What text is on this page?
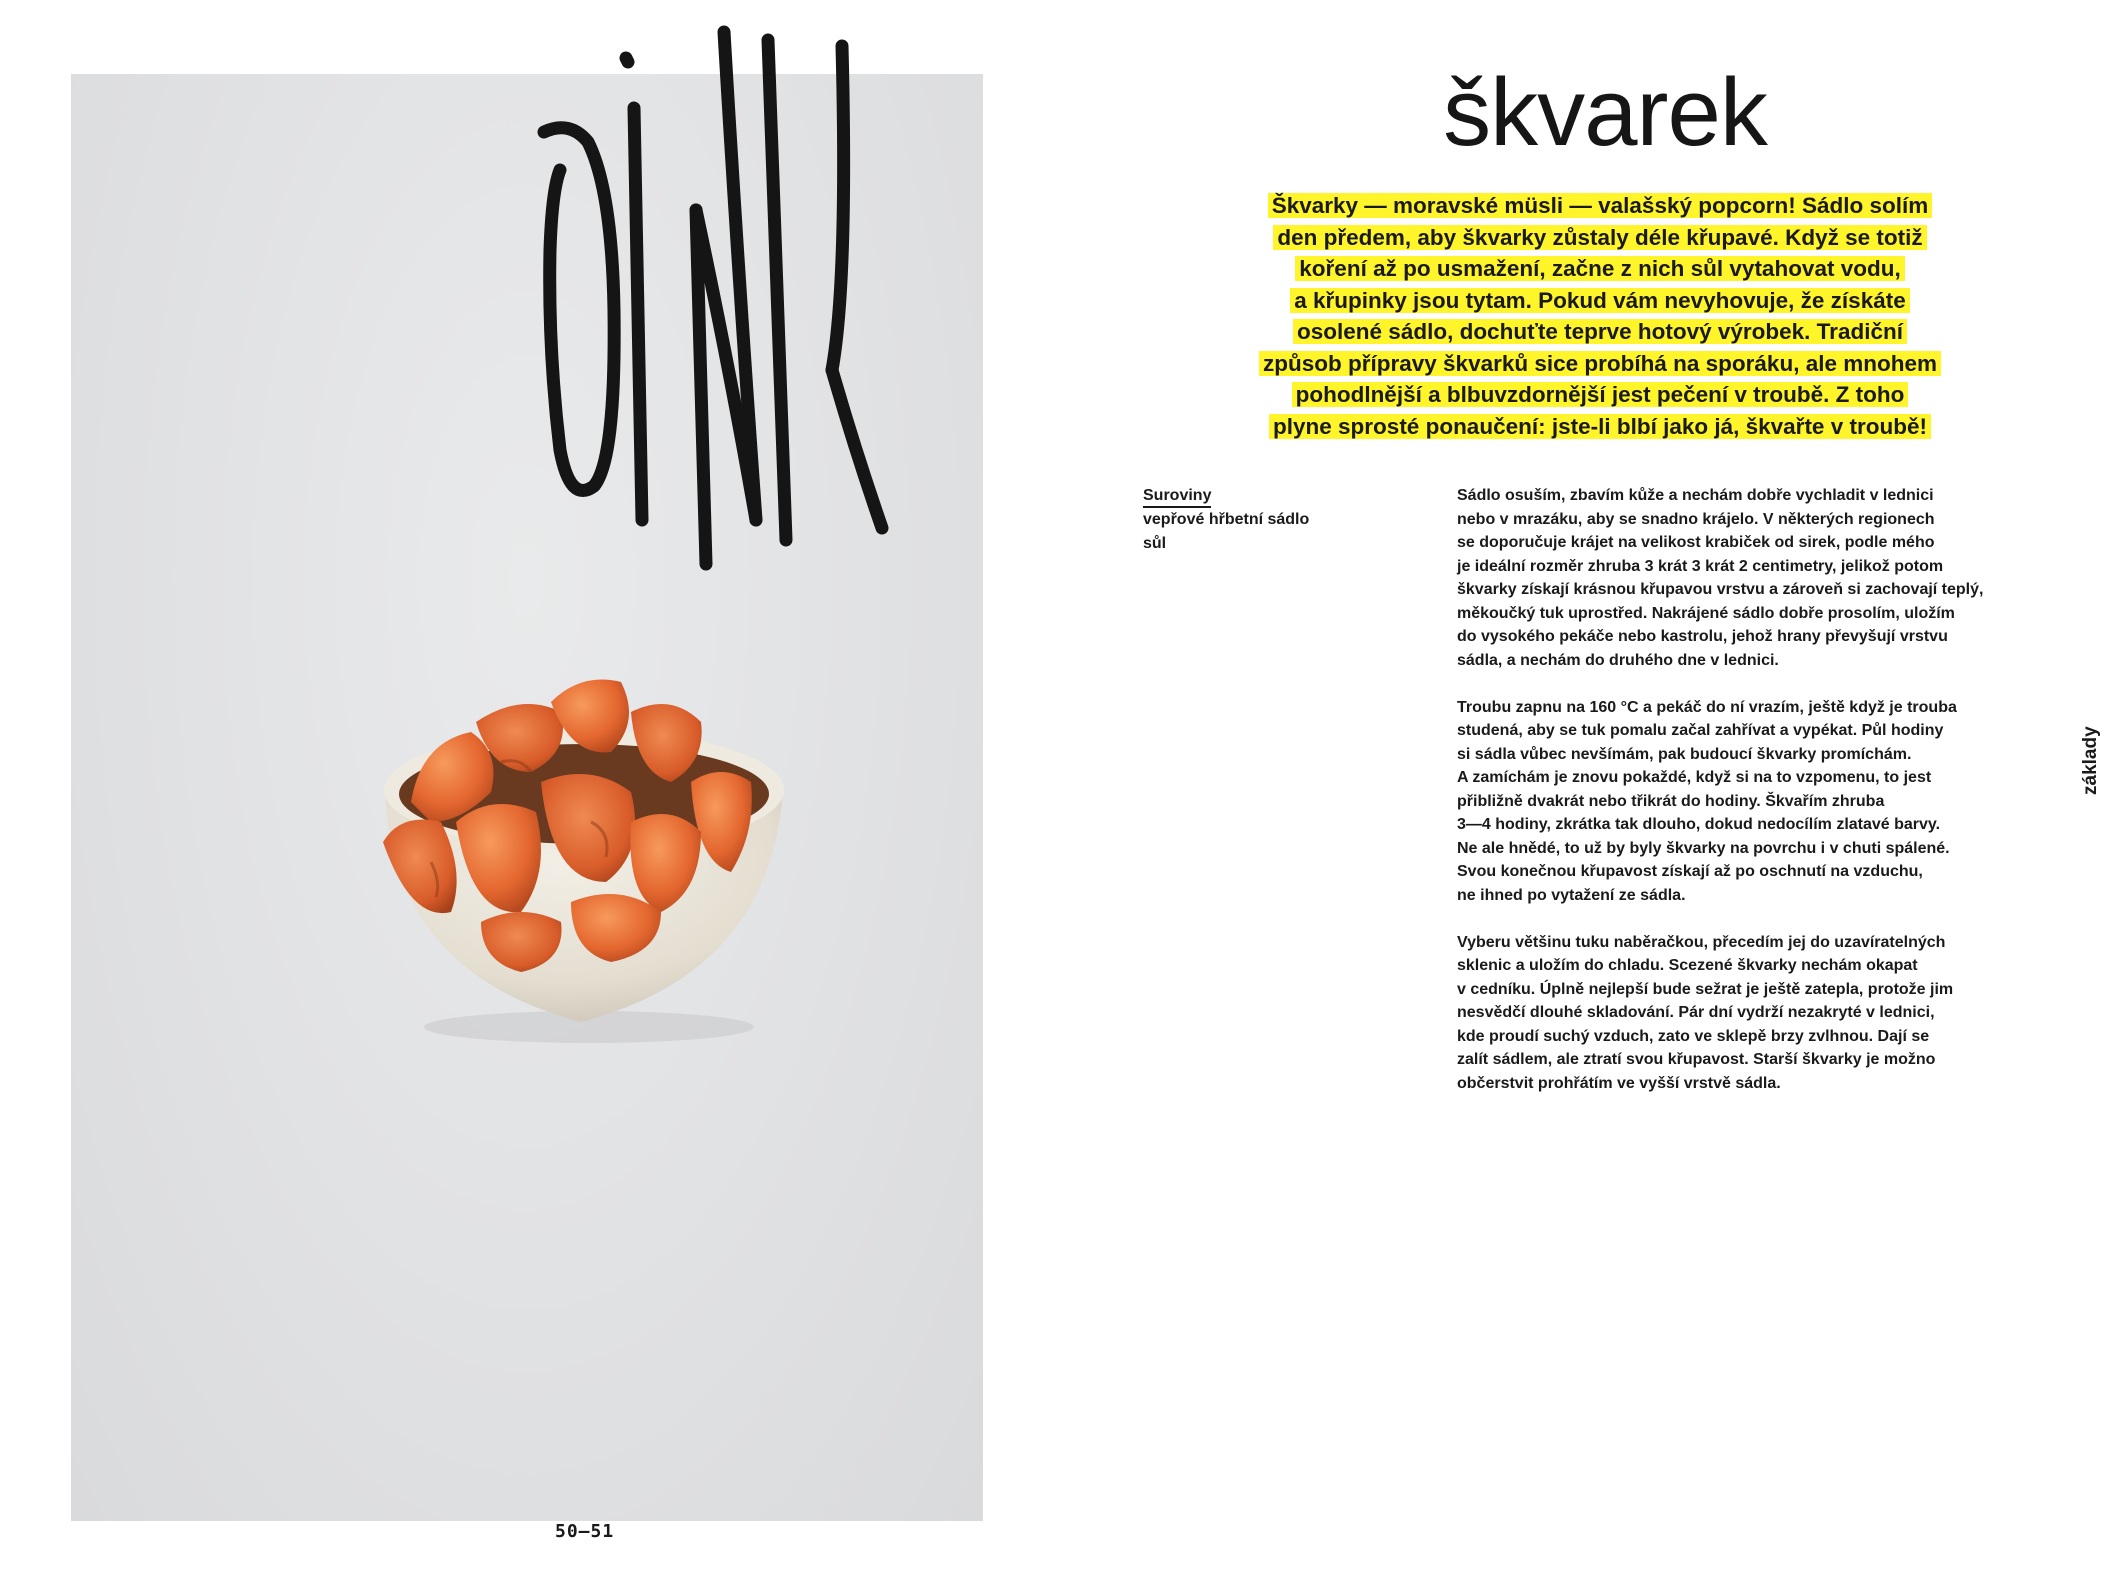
50—51
škvarek

Škvarky — moravské müsli — valašský popcorn! Sádlo solím
den předem, aby škvarky zůstaly déle křupavé. Když se totiž
koření až po usmažení, začne z nich sůl vytahovat vodu,
a křupinky jsou tytam. Pokud vám nevyhovuje, že získáte
osolené sádlo, dochuťte teprve hotový výrobek. Tradiční
způsob přípravy škvarků sice probíhá na sporáku, ale mnohem
pohodlnější a blbuvzdornější jest pečení v troubě. Z toho
plyne sprosté ponaučení: jste-li blbí jako já, škvařte v troubě!

Suroviny
vepřové hřbetní sádlo
sůl

Sádlo osuším, zbavím kůže a nechám dobře vychladit v lednici
nebo v mrazáku, aby se snadno krájelo. V některých regionech
se doporučuje krájet na velikost krabiček od sirek, podle mého
je ideální rozměr zhruba 3 krát 3 krát 2 centimetry, jelikož potom
škvarky získají krásnou křupavou vrstvu a zároveň si zachovají teplý,
měkoučký tuk uprostřed. Nakrájené sádlo dobře prosolím, uložím
do vysokého pekáče nebo kastrolu, jehož hrany převyšují vrstvu
sádla, a nechám do druhého dne v lednici.

Troubu zapnu na 160 °C a pekáč do ní vrazím, ještě když je trouba
studená, aby se tuk pomalu začal zahřívat a vypékat. Půl hodiny
si sádla vůbec nevšímám, pak budoucí škvarky promíchám.
A zamíchám je znovu pokaždé, když si na to vzpomenu, to jest
přibližně dvakrát nebo třikrát do hodiny. Škvařím zhruba
3—4 hodiny, zkrátka tak dlouho, dokud nedocílím zlatavé barvy.
Ne ale hnědé, to už by byly škvarky na povrchu i v chuti spálené.
Svou konečnou křupavost získají až po oschnutí na vzduchu,
ne ihned po vytažení ze sádla.

Vyberu většinu tuku naběračkou, přecedím jej do uzavíratelných
sklenic a uložím do chladu. Scezené škvarky nechám okapat
v cedníku. Úplně nejlepší bude sežrat je ještě zatepla, protože jim
nesvědčí dlouhé skladování. Pár dní vydrží nezakryté v lednici,
kde proudí suchý vzduch, zato ve sklepě brzy zvlhnou. Dají se
zalít sádlem, ale ztratí svou křupavost. Starší škvarky je možno
občerstvit prohřátím ve vyšší vrstvě sádla.

základy
